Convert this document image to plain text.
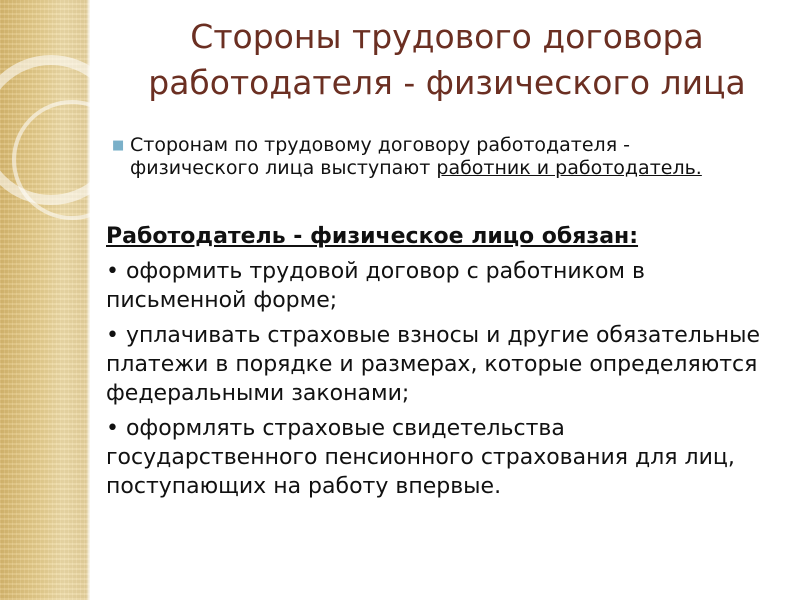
Стороны трудового договора
работодателя - физического лица
■ Сторонам по трудовому договору работодателя - физического лица выступают работник и работодатель.

Работодатель - физическое лицо обязан:

• оформить трудовой договор с работником в письменной форме;

• уплачивать страховые взносы и другие обязательные платежи в порядке и размерах, которые определяются федеральными законами;

• оформлять страховые свидетельства государственного пенсионного страхования для лиц, поступающих на работу впервые.
